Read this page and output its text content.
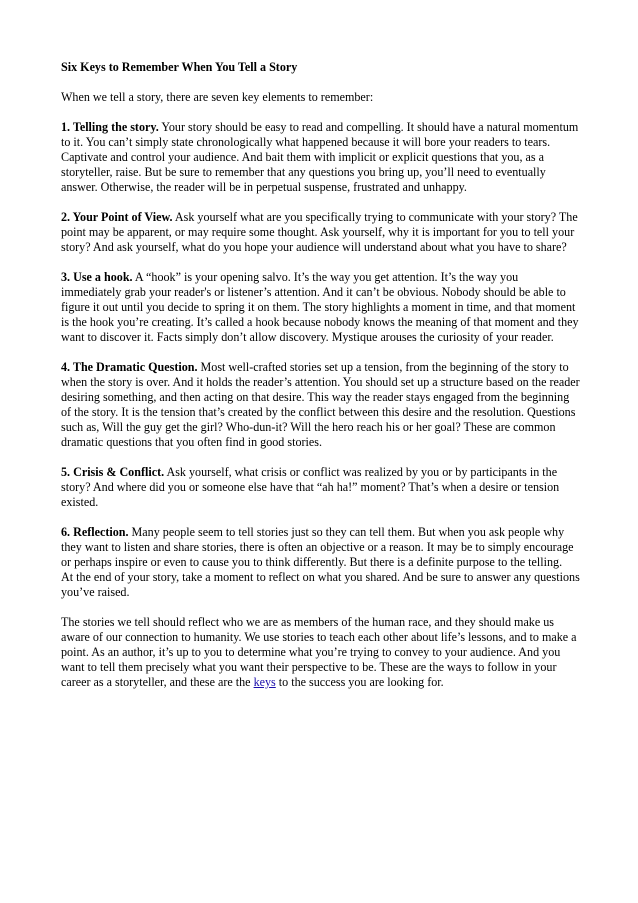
Six Keys to Remember When You Tell a Story

When we tell a story, there are seven key elements to remember:

1. Telling the story. Your story should be easy to read and compelling. It should have a natural momentum to it. You can’t simply state chronologically what happened because it will bore your readers to tears. Captivate and control your audience. And bait them with implicit or explicit questions that you, as a storyteller, raise. But be sure to remember that any questions you bring up, you’ll need to eventually answer. Otherwise, the reader will be in perpetual suspense, frustrated and unhappy.

2. Your Point of View. Ask yourself what are you specifically trying to communicate with your story? The point may be apparent, or may require some thought. Ask yourself, why it is important for you to tell your story? And ask yourself, what do you hope your audience will understand about what you have to share?

3. Use a hook. A “hook” is your opening salvo. It’s the way you get attention. It’s the way you immediately grab your reader's or listener’s attention. And it can’t be obvious. Nobody should be able to figure it out until you decide to spring it on them. The story highlights a moment in time, and that moment is the hook you’re creating. It’s called a hook because nobody knows the meaning of that moment and they want to discover it. Facts simply don’t allow discovery. Mystique arouses the curiosity of your reader.

4. The Dramatic Question. Most well-crafted stories set up a tension, from the beginning of the story to when the story is over. And it holds the reader’s attention. You should set up a structure based on the reader desiring something, and then acting on that desire. This way the reader stays engaged from the beginning of the story. It is the tension that’s created by the conflict between this desire and the resolution. Questions such as, Will the guy get the girl? Who-dun-it? Will the hero reach his or her goal? These are common dramatic questions that you often find in good stories.

5. Crisis & Conflict. Ask yourself, what crisis or conflict was realized by you or by participants in the story? And where did you or someone else have that “ah ha!” moment? That’s when a desire or tension existed.

6. Reflection. Many people seem to tell stories just so they can tell them. But when you ask people why they want to listen and share stories, there is often an objective or a reason. It may be to simply encourage or perhaps inspire or even to cause you to think differently. But there is a definite purpose to the telling.
At the end of your story, take a moment to reflect on what you shared. And be sure to answer any questions you’ve raised.

The stories we tell should reflect who we are as members of the human race, and they should make us aware of our connection to humanity. We use stories to teach each other about life’s lessons, and to make a point. As an author, it’s up to you to determine what you’re trying to convey to your audience. And you want to tell them precisely what you want their perspective to be. These are the ways to follow in your career as a storyteller, and these are the keys to the success you are looking for.
